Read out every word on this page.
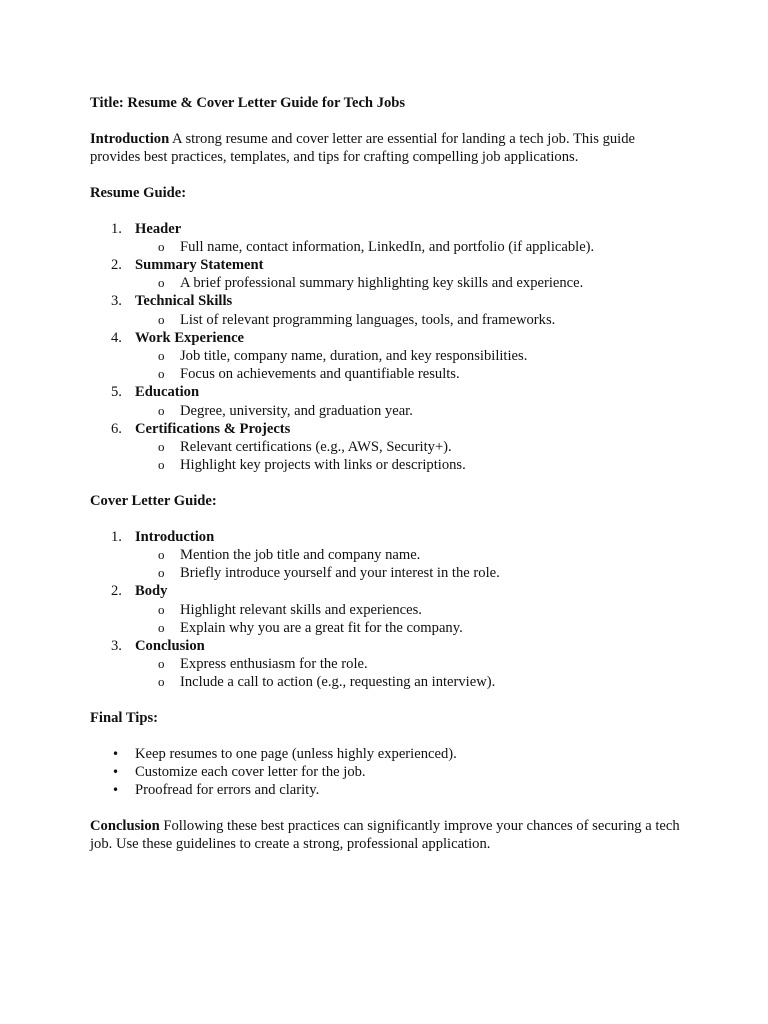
Title: Resume & Cover Letter Guide for Tech Jobs

Introduction A strong resume and cover letter are essential for landing a tech job. This guide provides best practices, templates, and tips for crafting compelling job applications.

Resume Guide:

1. Header
o Full name, contact information, LinkedIn, and portfolio (if applicable).
2. Summary Statement
o A brief professional summary highlighting key skills and experience.
3. Technical Skills
o List of relevant programming languages, tools, and frameworks.
4. Work Experience
o Job title, company name, duration, and key responsibilities.
o Focus on achievements and quantifiable results.
5. Education
o Degree, university, and graduation year.
6. Certifications & Projects
o Relevant certifications (e.g., AWS, Security+).
o Highlight key projects with links or descriptions.

Cover Letter Guide:

1. Introduction
o Mention the job title and company name.
o Briefly introduce yourself and your interest in the role.
2. Body
o Highlight relevant skills and experiences.
o Explain why you are a great fit for the company.
3. Conclusion
o Express enthusiasm for the role.
o Include a call to action (e.g., requesting an interview).

Final Tips:

• Keep resumes to one page (unless highly experienced).
• Customize each cover letter for the job.
• Proofread for errors and clarity.

Conclusion Following these best practices can significantly improve your chances of securing a tech job. Use these guidelines to create a strong, professional application.
